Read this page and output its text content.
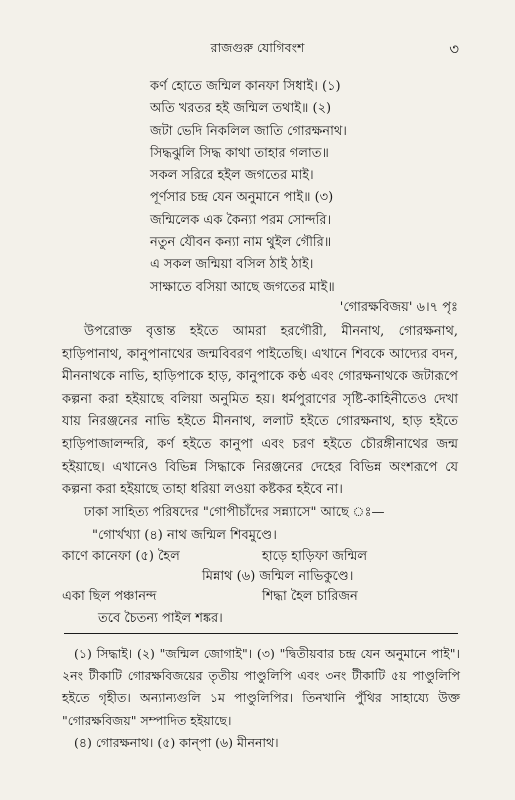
রাজগুরু যোগিবংশ	৩
কর্ণ হোতে জন্মিল কানফা সিধাই। (১)
অতি খরতর হই জন্মিল তথাই॥ (২)
জটা ভেদি নিকলিল জাতি গোরক্ষনাথ।
সিদ্ধঝুলি সিদ্ধ কাথা তাহার গলাত॥
সকল সরিরে হইল জগতের মাই।
পূর্ণসার চন্দ্র যেন অনুমানে পাই॥ (৩)
জন্মিলেক এক কৈন্যা পরম সোন্দরি।
নতুন যৌবন কন্যা নাম থুইল গৌরি॥
এ সকল জন্মিয়া বসিল ঠাই ঠাই।
সাক্ষাতে বসিয়া আছে জগতের মাই॥
'গোরক্ষবিজয়' ৬।৭ পৃঃ

উপরোক্ত বৃত্তান্ত হইতে আমরা হরগৌরী, মীননাথ, গোরক্ষনাথ, হাড়িপানাথ, কানুপানাথের জন্মবিবরণ পাইতেছি। এখানে শিবকে আদ্যের বদন, মীননাথকে নাভি, হাড়িপাকে হাড়, কানুপাকে কণ্ঠ এবং গোরক্ষনাথকে জটারূপে কল্পনা করা হইয়াছে বলিয়া অনুমিত হয়। ধর্মপুরাণের সৃষ্টি-কাহিনীতেও দেখা যায় নিরঞ্জনের নাভি হইতে মীননাথ, ললাট হইতে গোরক্ষনাথ, হাড় হইতে হাড়িপাজালন্দরি, কর্ণ হইতে কানুপা এবং চরণ হইতে চৌরঙ্গীনাথের জন্ম হইয়াছে। এখানেও বিভিন্ন সিদ্ধাকে নিরঞ্জনের দেহের বিভিন্ন অংশরূপে যে কল্পনা করা হইয়াছে তাহা ধরিয়া লওয়া কষ্টকর হইবে না।

ঢাকা সাহিত্য পরিষদের "গোপীচাঁদের সন্ন্যাসে" আছে ঃ—
"গোর্খখ্যা (৪) নাথ জন্মিল শিবমুণ্ডে।
কাণে কানেফা (৫) হৈল	হাড়ে হাড়িফা জন্মিল
মিন্নাথ (৬) জন্মিল নাভিকুণ্ডে।
একা ছিল পঞ্চানন্দ	শিদ্ধা হৈল চারিজন
তবে চৈতন্য পাইল শঙ্কর।

(১) সিদ্ধাই। (২) "জন্মিল জোগাই"। (৩) "দ্বিতীয়বার চন্দ্র যেন অনুমানে পাই"। ২নং টীকাটি গোরক্ষবিজয়ের তৃতীয় পাণ্ডুলিপি এবং ৩নং টীকাটি ৫য় পাণ্ডুলিপি হইতে গৃহীত। অন্যান্যগুলি ১ম পাণ্ডুলিপির। তিনখানি পুঁথির সাহায্যে উক্ত "গোরক্ষবিজয়" সম্পাদিত হইয়াছে।

(৪) গোরক্ষনাথ। (৫) কান্‌পা (৬) মীননাথ।
